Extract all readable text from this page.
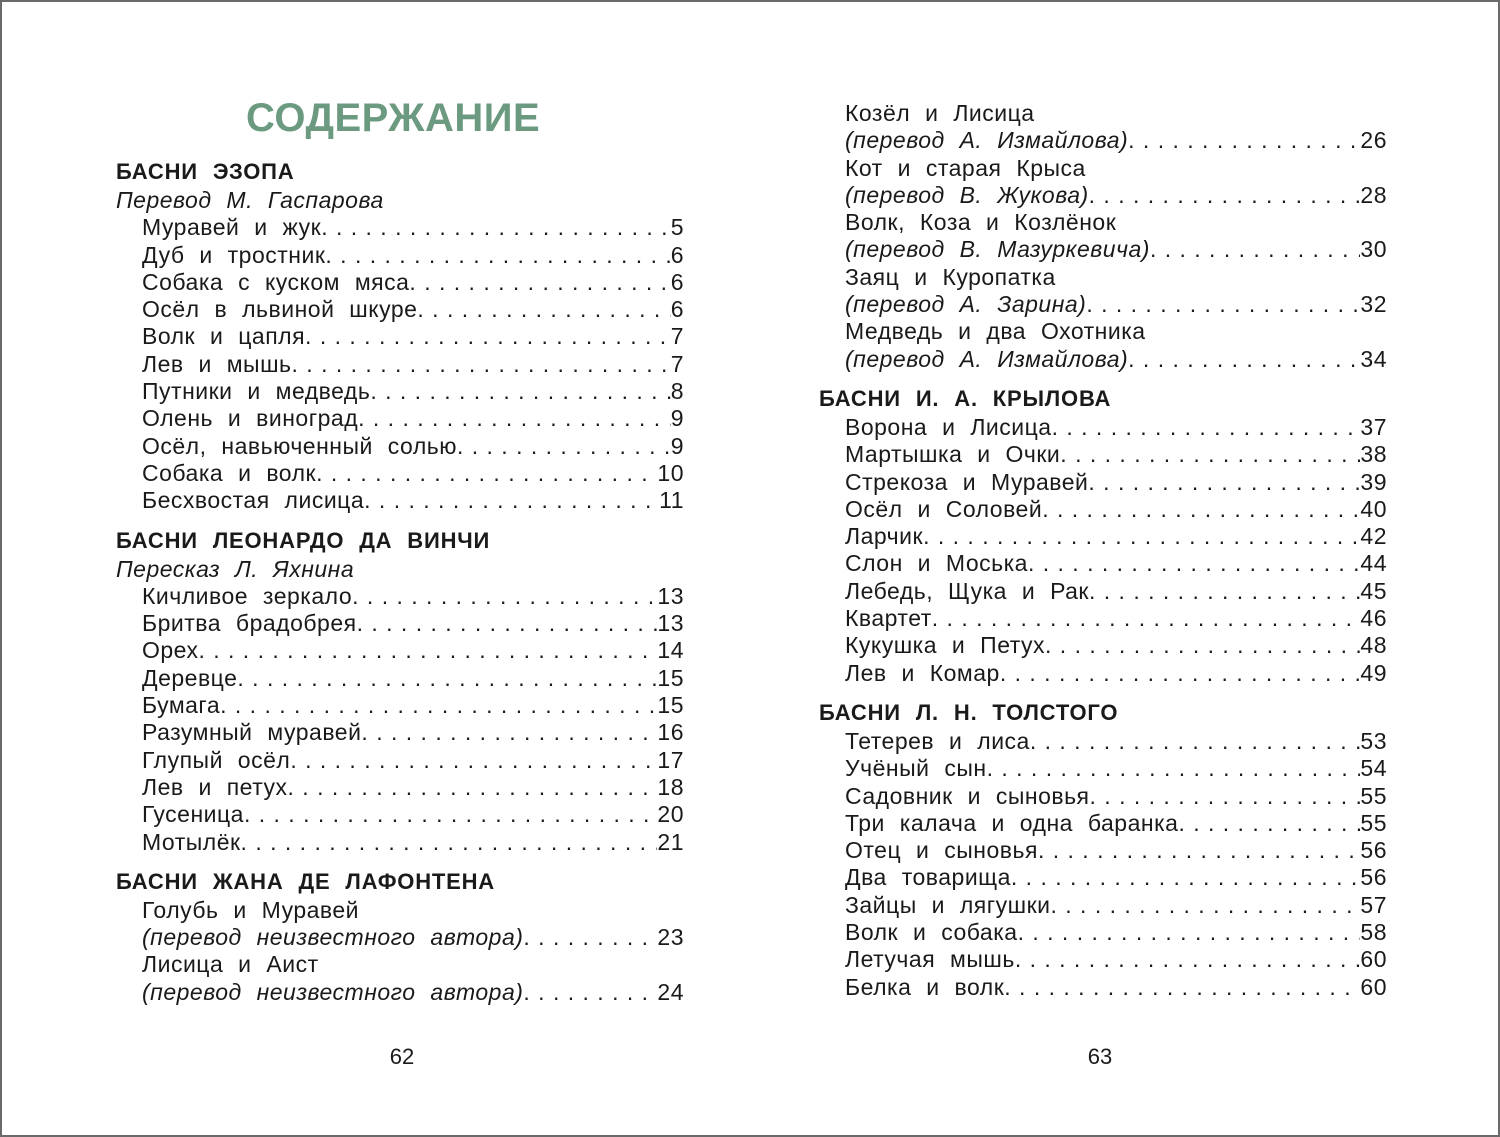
СОДЕРЖАНИЕ
БАСНИ ЭЗОПА
Перевод М. Гаспарова
Муравей и жук . . .	5
Дуб и тростник . . .	6
Собака с куском мяса . . .	6
Осёл в львиной шкуре . . .	6
Волк и цапля . . .	7
Лев и мышь . . .	7
Путники и медведь . . .	8
Олень и виноград . . .	9
Осёл, навьюченный солью . . .	9
Собака и волк . . .	10
Бесхвостая лисица . . .	11
БАСНИ ЛЕОНАРДО ДА ВИНЧИ
Пересказ Л. Яхнина
Кичливое зеркало . . .	13
Бритва брадобрея . . .	13
Орех . . .	14
Деревце . . .	15
Бумага . . .	15
Разумный муравей . . .	16
Глупый осёл . . .	17
Лев и петух . . .	18
Гусеница . . .	20
Мотылёк . . .	21
БАСНИ ЖАНА ДЕ ЛАФОНТЕНА
Голубь и Муравей
(перевод неизвестного автора) . . .	23
Лисица и Аист
(перевод неизвестного автора) . . .	24
62
Козёл и Лисица
(перевод А. Измайлова) . . .	26
Кот и старая Крыса
(перевод В. Жукова) . . .	28
Волк, Коза и Козлёнок
(перевод В. Мазуркевича) . . .	30
Заяц и Куропатка
(перевод А. Зарина) . . .	32
Медведь и два Охотника
(перевод А. Измайлова) . . .	34
БАСНИ И. А. КРЫЛОВА
Ворона и Лисица . . .	37
Мартышка и Очки . . .	38
Стрекоза и Муравей . . .	39
Осёл и Соловей . . .	40
Ларчик . . .	42
Слон и Моська . . .	44
Лебедь, Щука и Рак . . .	45
Квартет . . .	46
Кукушка и Петух . . .	48
Лев и Комар . . .	49
БАСНИ Л. Н. ТОЛСТОГО
Тетерев и лиса . . .	53
Учёный сын . . .	54
Садовник и сыновья . . .	55
Три калача и одна баранка . . .	55
Отец и сыновья . . .	56
Два товарища . . .	56
Зайцы и лягушки . . .	57
Волк и собака . . .	58
Летучая мышь . . .	60
Белка и волк . . .	60
63
